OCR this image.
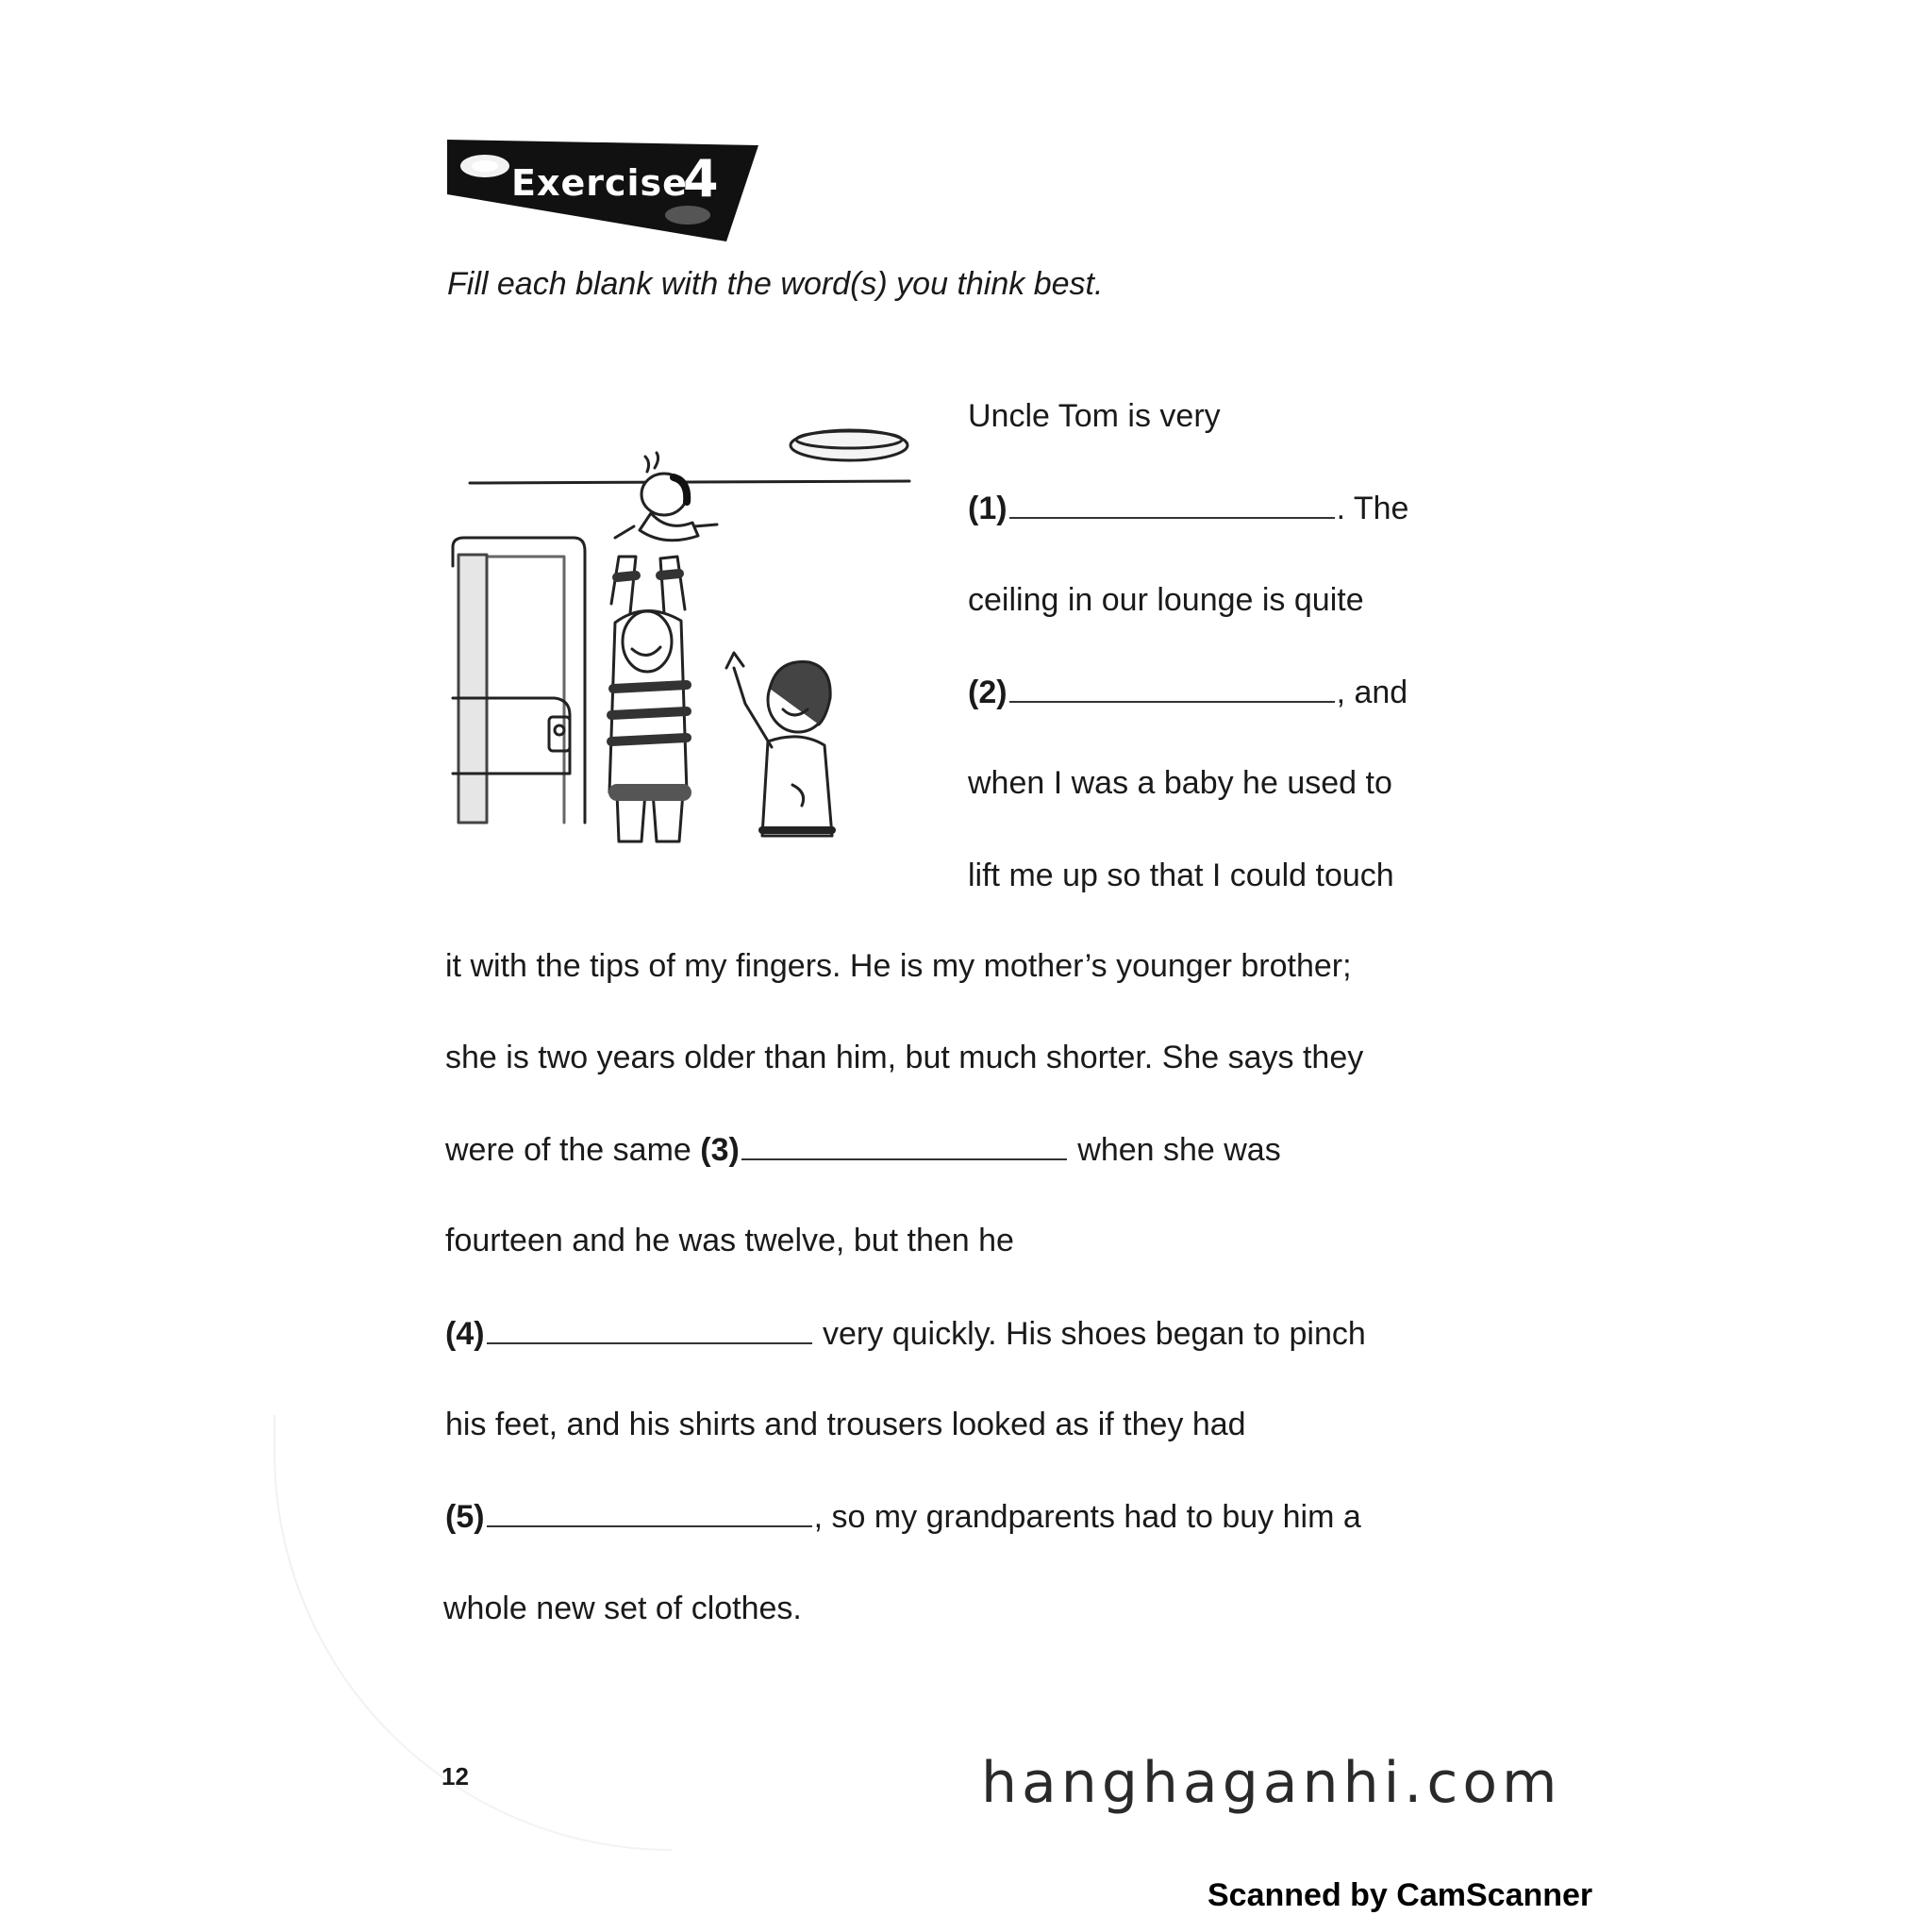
Exercise
4
Fill each blank with the word(s) you think best.
Uncle Tom is very
(1)	. The
ceiling in our lounge is quite
(2)	, and
when I was a baby he used to
lift me up so that I could touch
it with the tips of my fingers. He is my mother’s younger brother;
she is two years older than him, but much shorter. She says they
were of the same (3)	when she was
fourteen and he was twelve, but then he
(4)	very quickly. His shoes began to pinch
his feet, and his shirts and trousers looked as if they had
(5)	, so my grandparents had to buy him a
whole new set of clothes.
12	hanghaganhi.com
Scanned by CamScanner
